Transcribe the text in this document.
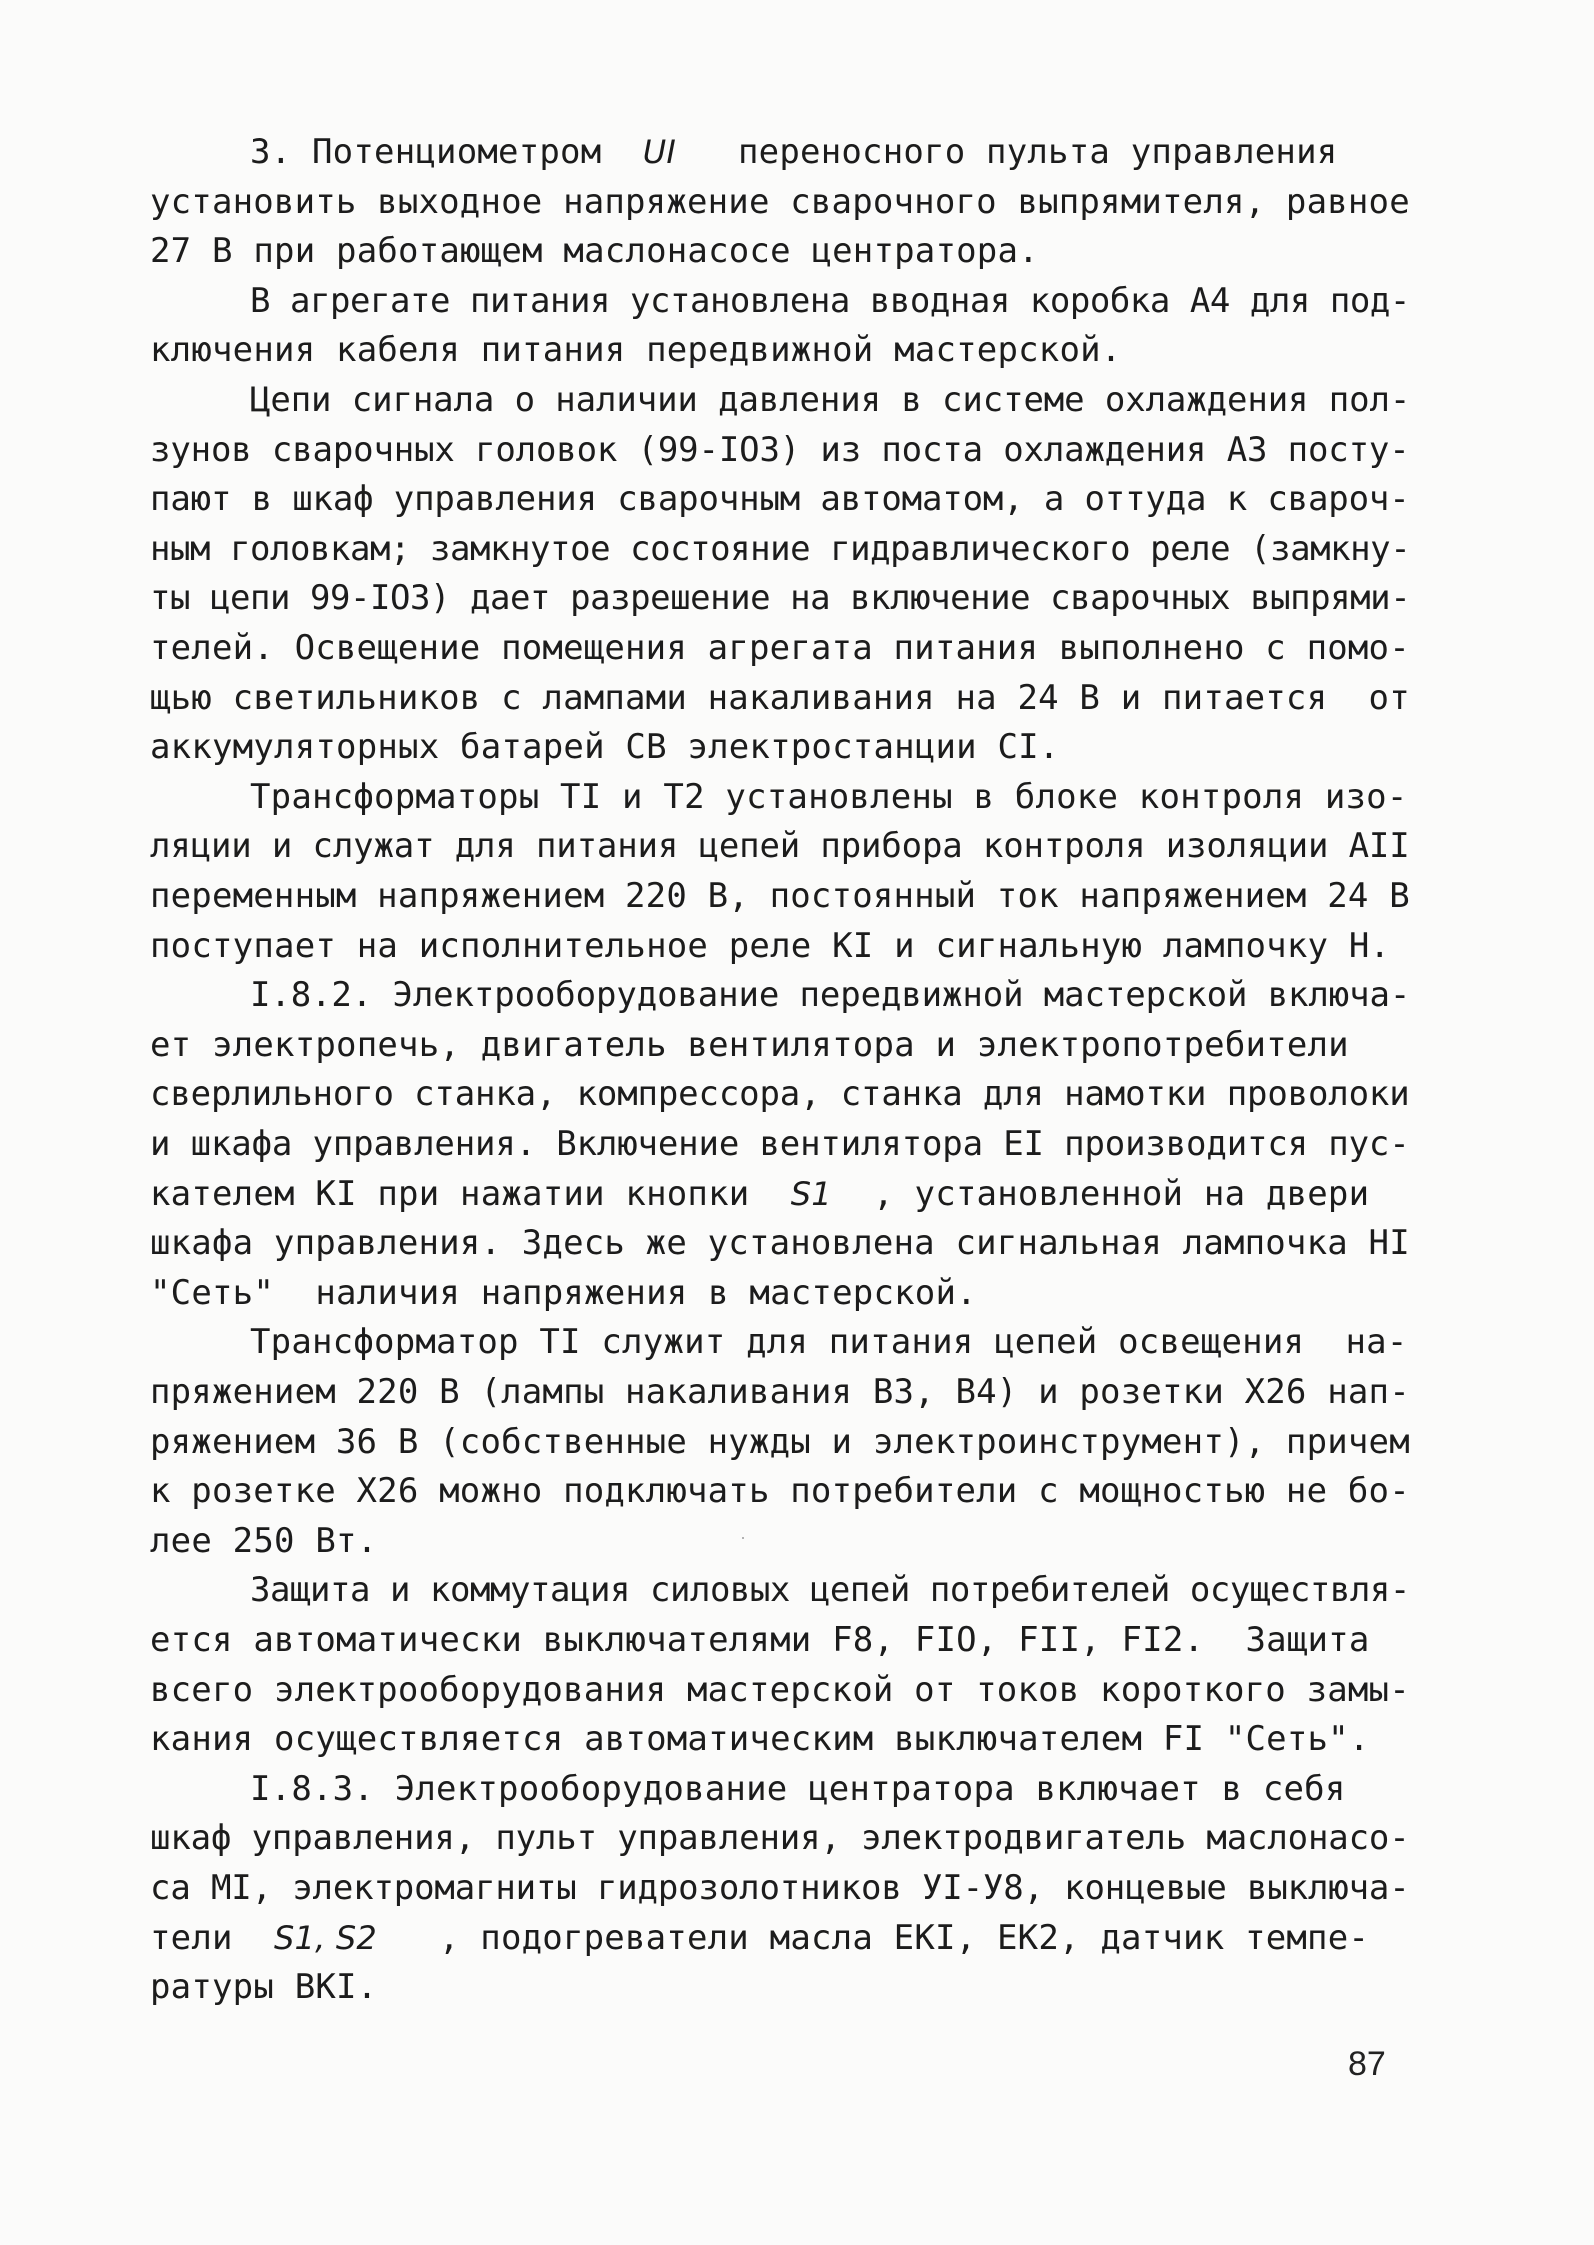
3. Потенциометром  UI   переносного пульта управления
установить выходное напряжение сварочного выпрямителя, равное
27 В при работающем маслонасосе центратора.
В агрегате питания установлена вводная коробка А4 для под-
ключения кабеля питания передвижной мастерской.
Цепи сигнала о наличии давления в системе охлаждения пол-
зунов сварочных головок (99-IO3) из поста охлаждения А3 посту-
пают в шкаф управления сварочным автоматом, а оттуда к свароч-
ным головкам; замкнутое состояние гидравлического реле (замкну-
ты цепи 99-IO3) дает разрешение на включение сварочных выпрями-
телей. Освещение помещения агрегата питания выполнено с помо-
щью светильников с лампами накаливания на 24 В и питается  от
аккумуляторных батарей СВ электростанции СI.
Трансформаторы ТI и Т2 установлены в блоке контроля изо-
ляции и служат для питания цепей прибора контроля изоляции АII
переменным напряжением 220 В, постоянный ток напряжением 24 В
поступает на исполнительное реле КI и сигнальную лампочку Н.
I.8.2. Электрооборудование передвижной мастерской включа-
ет электропечь, двигатель вентилятора и электропотребители
сверлильного станка, компрессора, станка для намотки проволоки
и шкафа управления. Включение вентилятора ЕI производится пус-
кателем КI при нажатии кнопки  S1  , установленной на двери
шкафа управления. Здесь же установлена сигнальная лампочка НI
"Сеть"  наличия напряжения в мастерской.
Трансформатор ТI служит для питания цепей освещения  на-
пряжением 220 В (лампы накаливания В3, В4) и розетки Х26 нап-
ряжением 36 В (собственные нужды и электроинструмент), причем
к розетке Х26 можно подключать потребители с мощностью не бо-
лее 250 Вт.
Защита и коммутация силовых цепей потребителей осуществля-
ется автоматически выключателями F8, FIO, FII, FI2.  Защита
всего электрооборудования мастерской от токов короткого замы-
кания осуществляется автоматическим выключателем FI "Сеть".
I.8.3. Электрооборудование центратора включает в себя
шкаф управления, пульт управления, электродвигатель маслонасо-
са МI, электромагниты гидрозолотников УI-У8, концевые выключа-
тели  S1, S2   , подогреватели масла ЕКI, ЕК2, датчик темпе-
ратуры ВКI.
87
